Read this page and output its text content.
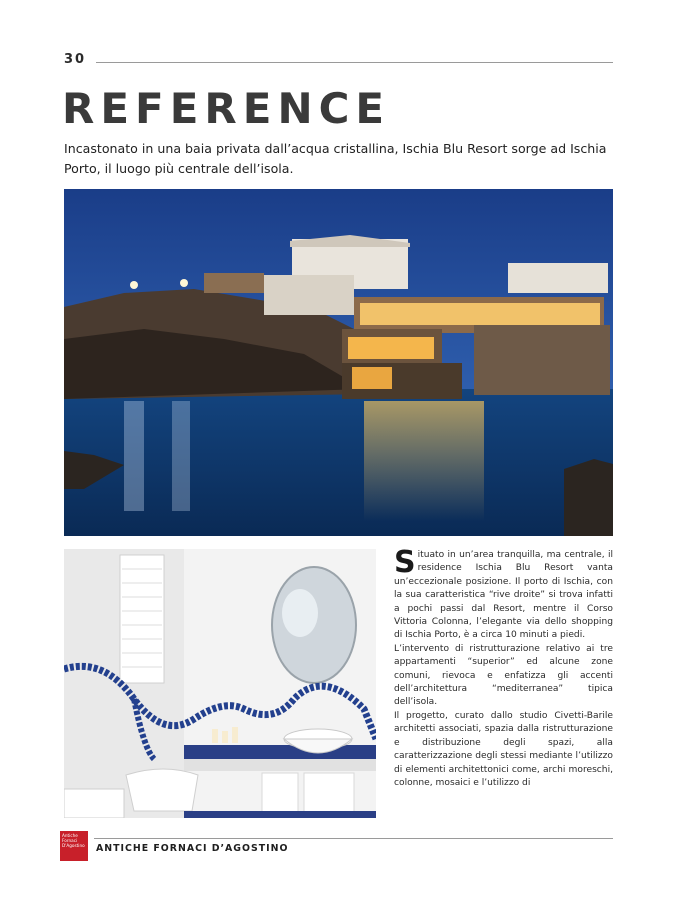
30
REFERENCE

Incastonato in una baia privata dall’acqua cristallina, Ischia Blu Resort sorge ad Ischia Porto, il luogo più centrale dell’isola.

Situato in un’area tranquilla, ma centrale, il residence Ischia Blu Resort vanta un’eccezionale posizione. Il porto di Ischia, con la sua caratteristica “rive droite” si trova infatti a pochi passi dal Resort, mentre il Corso Vittoria Colonna, l’elegante via dello shopping di Ischia Porto, è a circa 10 minuti a piedi.

L’intervento di ristrutturazione relativo ai tre appartamenti “superior” ed alcune zone comuni, rievoca e enfatizza gli accenti dell’architettura “mediterranea” tipica dell’isola.

Il progetto, curato dallo studio Civetti-Barile architetti associati, spazia dalla ristrutturazione e distribuzione degli spazi, alla caratterizzazione degli stessi mediante l’utilizzo di elementi architettonici come, archi moreschi, colonne, mosaici e l’utilizzo di

Antiche
Fornaci
D'Agostino ANTICHE FORNACI D’AGOSTINO
